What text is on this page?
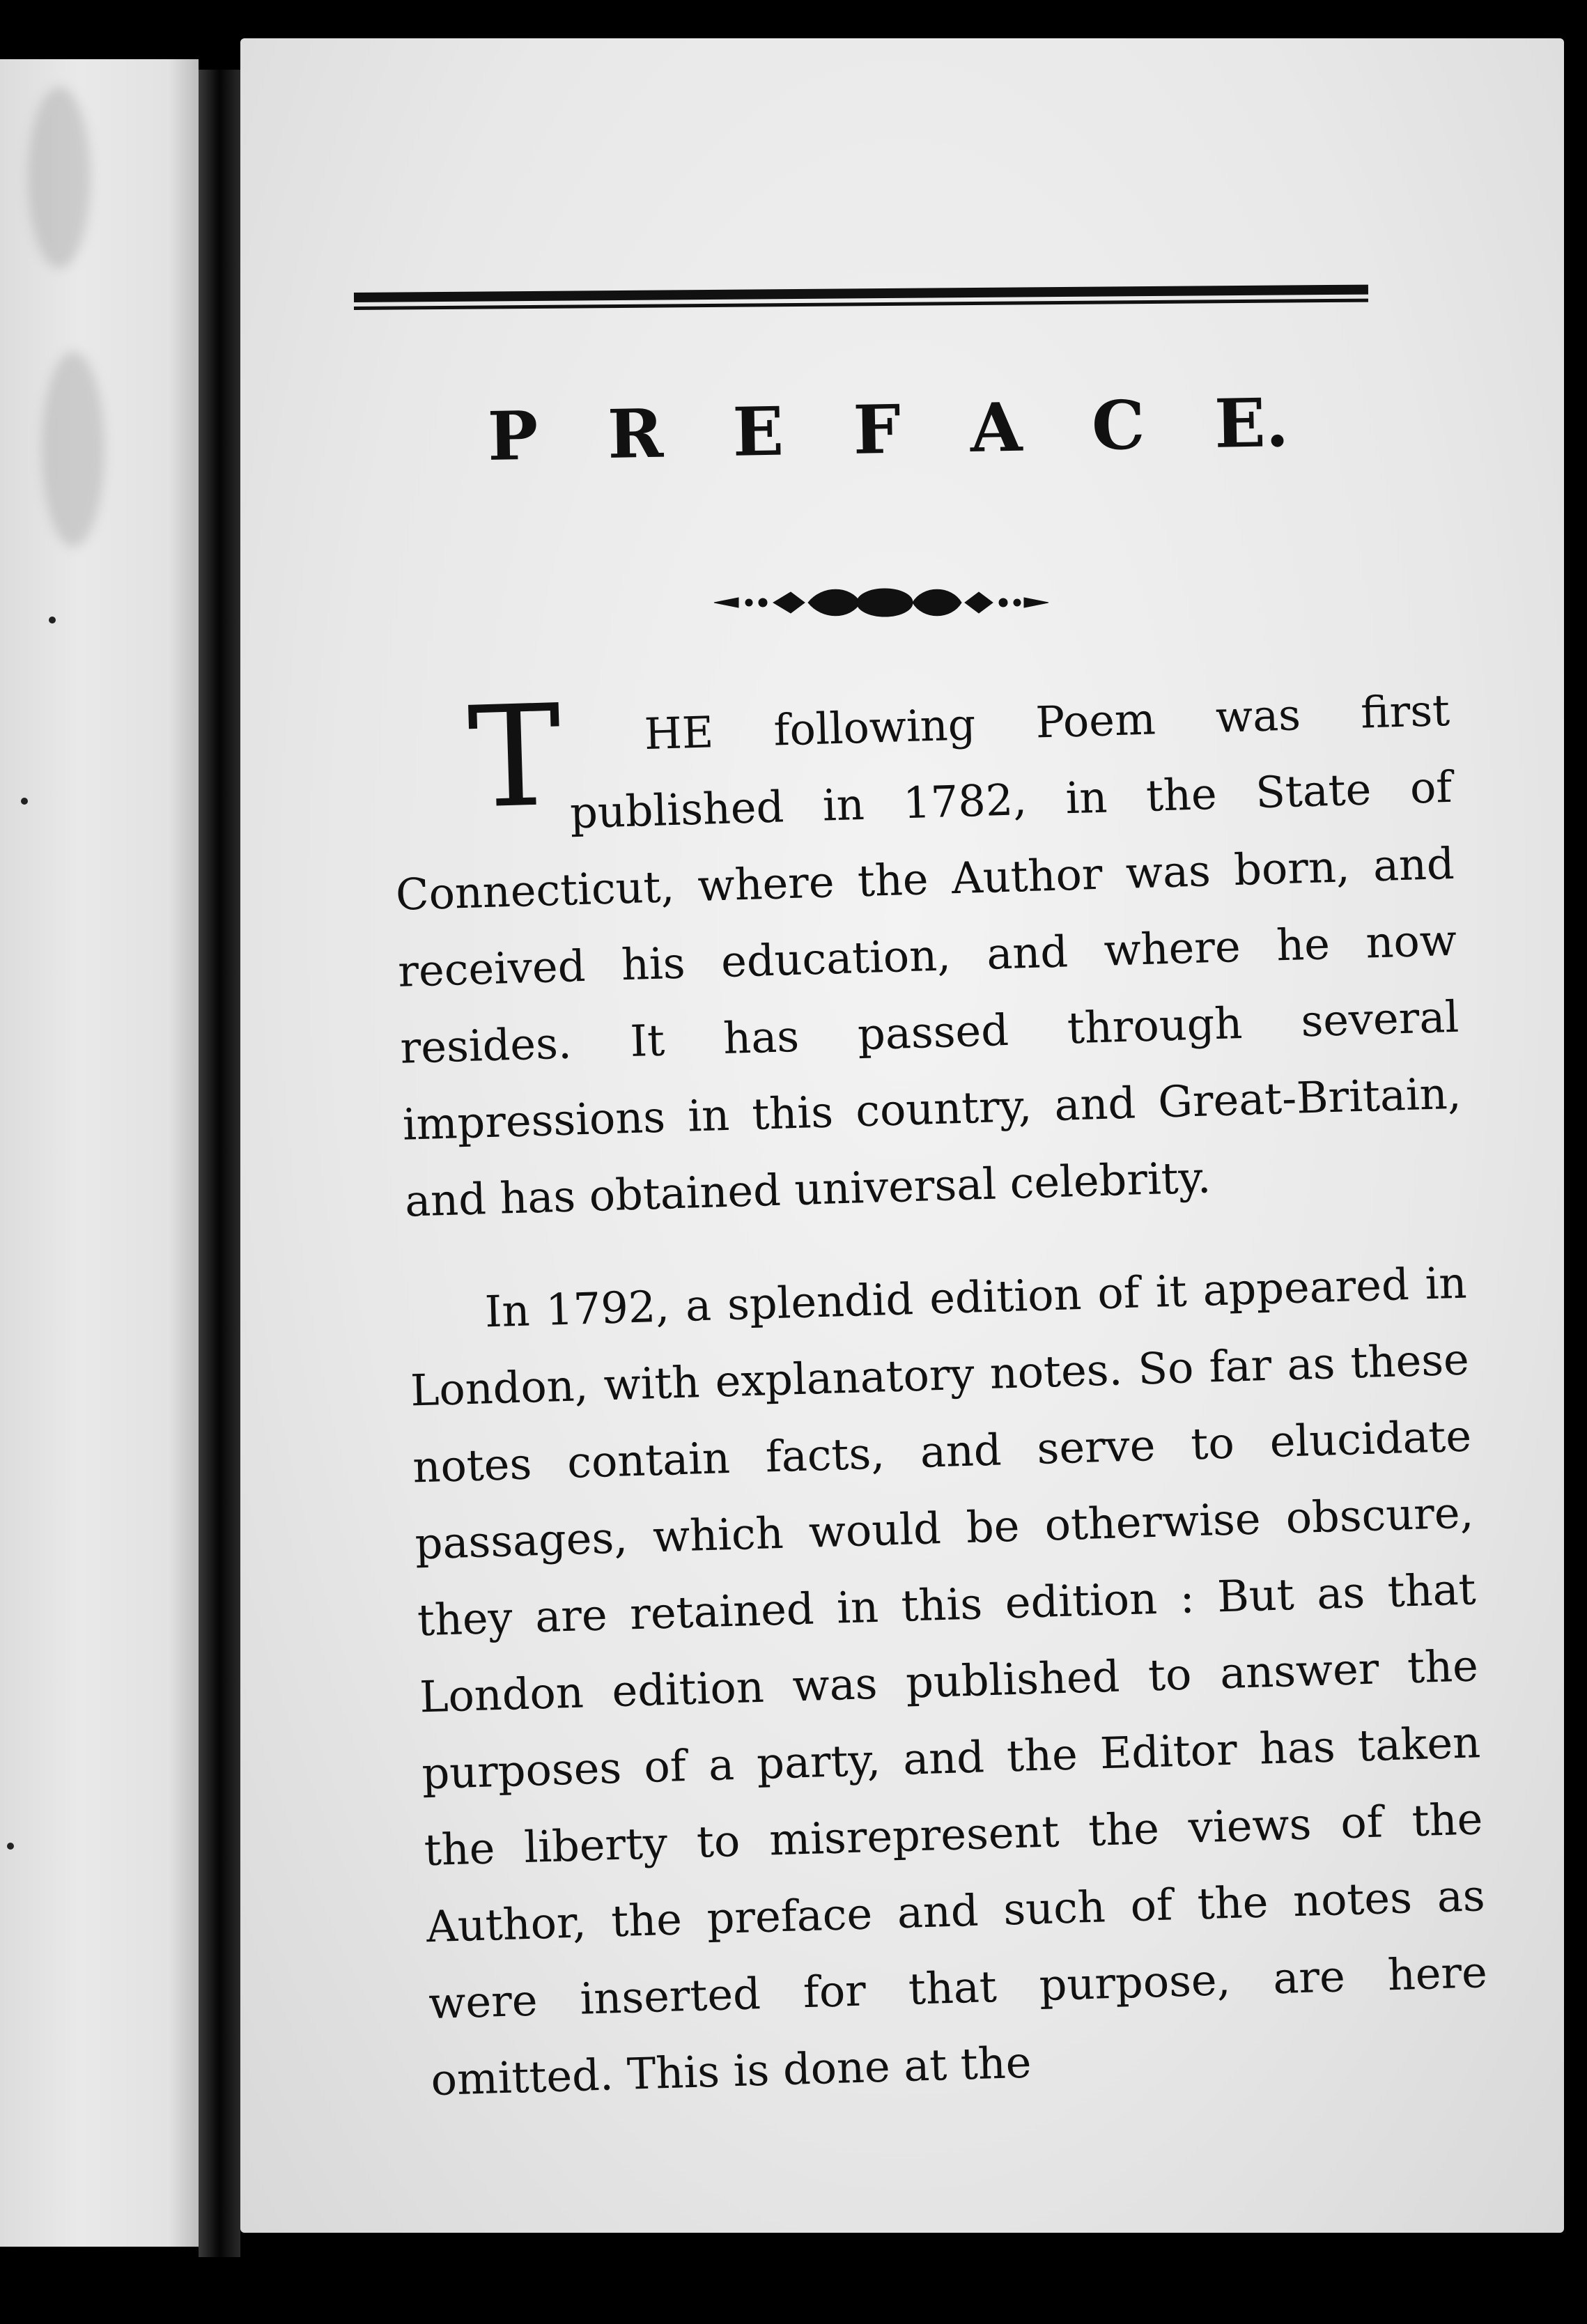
P R E F A C E.

T HE following Poem was first published in 1782, in the State of Connecticut, where the Author was born, and received his education, and where he now resides. It has passed through several impressions in this country, and Great-Britain, and has obtained universal celebrity.

In 1792, a splendid edition of it appeared in London, with explanatory notes. So far as these notes contain facts, and serve to elucidate passages, which would be otherwise obscure, they are retained in this edition : But as that London edition was published to answer the purposes of a party, and the Editor has taken the liberty to misrepresent the views of the Author, the preface and such of the notes as were inserted for that purpose, are here omitted. This is done at the
